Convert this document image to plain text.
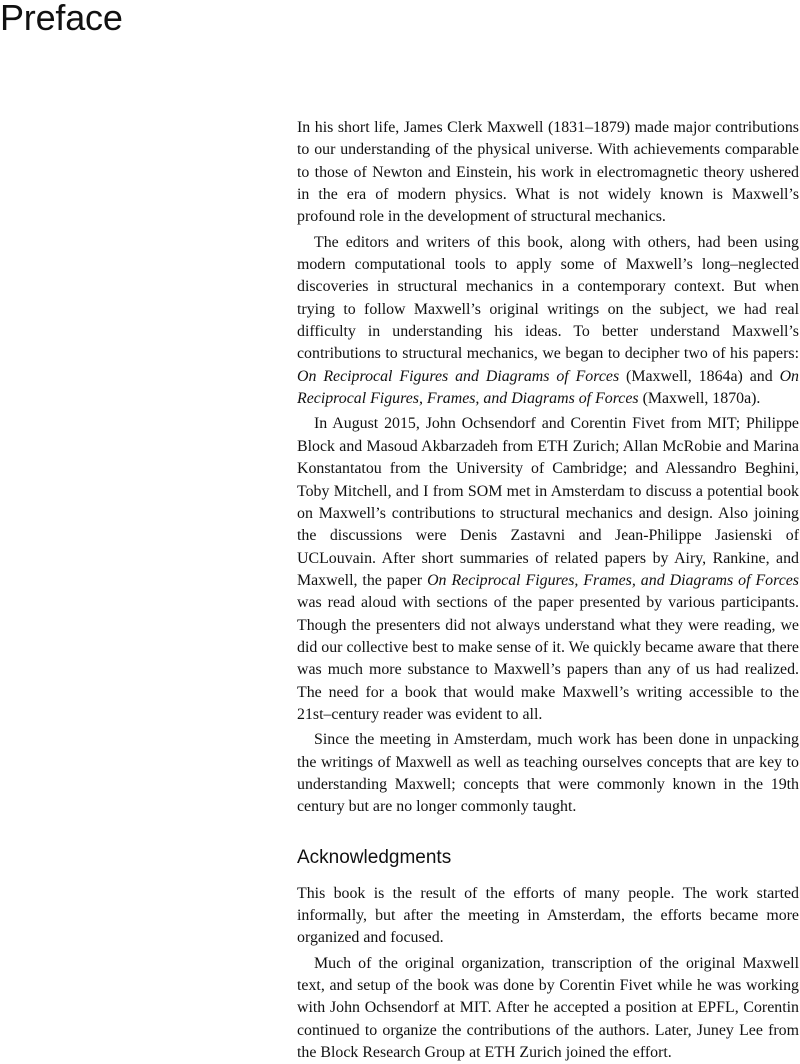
Preface

In his short life, James Clerk Maxwell (1831–1879) made major contributions to our understanding of the physical universe. With achievements comparable to those of Newton and Einstein, his work in electromagnetic theory ushered in the era of modern physics. What is not widely known is Maxwell’s profound role in the development of structural mechanics.

The editors and writers of this book, along with others, had been using modern computational tools to apply some of Maxwell’s long–neglected discoveries in structural mechanics in a contemporary context. But when trying to follow Maxwell’s original writings on the subject, we had real difficulty in understanding his ideas. To better understand Maxwell’s contributions to structural mechanics, we began to decipher two of his papers: On Reciprocal Figures and Diagrams of Forces (Maxwell, 1864a) and On Reciprocal Figures, Frames, and Diagrams of Forces (Maxwell, 1870a).

In August 2015, John Ochsendorf and Corentin Fivet from MIT; Philippe Block and Masoud Akbarzadeh from ETH Zurich; Allan McRobie and Marina Konstantatou from the University of Cambridge; and Alessandro Beghini, Toby Mitchell, and I from SOM met in Amsterdam to discuss a potential book on Maxwell’s contributions to structural mechanics and design. Also joining the discussions were Denis Zastavni and Jean-Philippe Jasienski of UCLouvain. After short summaries of related papers by Airy, Rankine, and Maxwell, the paper On Reciprocal Figures, Frames, and Diagrams of Forces was read aloud with sections of the paper presented by various participants. Though the presenters did not always understand what they were reading, we did our collective best to make sense of it. We quickly became aware that there was much more substance to Maxwell’s papers than any of us had realized. The need for a book that would make Maxwell’s writing accessible to the 21st–century reader was evident to all.

Since the meeting in Amsterdam, much work has been done in unpacking the writings of Maxwell as well as teaching ourselves concepts that are key to understanding Maxwell; concepts that were commonly known in the 19th century but are no longer commonly taught.

Acknowledgments

This book is the result of the efforts of many people. The work started informally, but after the meeting in Amsterdam, the efforts became more organized and focused.

Much of the original organization, transcription of the original Maxwell text, and setup of the book was done by Corentin Fivet while he was working with John Ochsendorf at MIT. After he accepted a position at EPFL, Corentin continued to organize the contributions of the authors. Later, Juney Lee from the Block Research Group at ETH Zurich joined the effort.
